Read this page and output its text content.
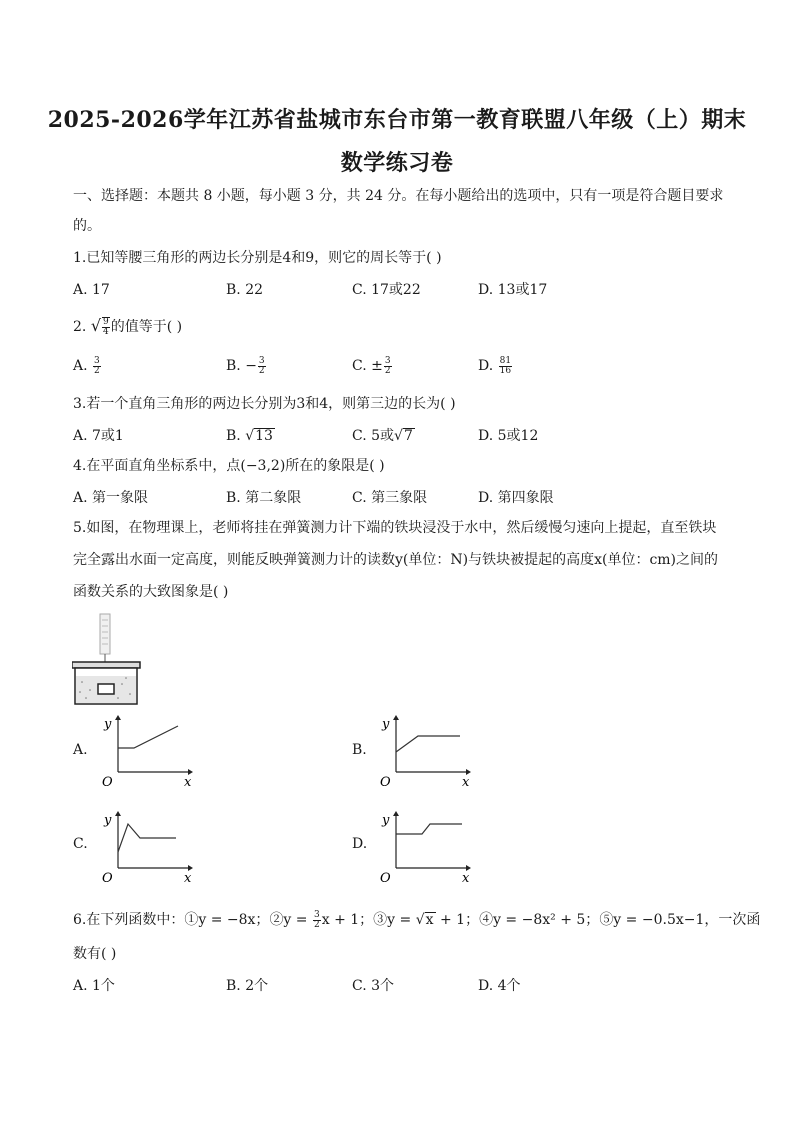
2025-2026学年江苏省盐城市东台市第一教育联盟八年级（上）期末
数学练习卷
一、选择题：本题共 8 小题，每小题 3 分，共 24 分。在每小题给出的选项中，只有一项是符合题目要求
的。
1.已知等腰三角形的两边长分别是4和9，则它的周长等于( )
A. 17	B. 22	C. 17或22	D. 13或17
2. √ $\frac{9}{4}$ 的值等于( )
A. $\frac{3}{2}$	B. − $\frac{3}{2}$	C. ± $\frac{3}{2}$	D. $\frac{81}{16}$
3.若一个直角三角形的两边长分别为3和4，则第三边的长为( )
A. 7或1	B. √13	C. 5或√7	D. 5或12
4.在平面直角坐标系中，点(−3,2)所在的象限是( )
A. 第一象限	B. 第二象限	C. 第三象限	D. 第四象限
5.如图，在物理课上，老师将挂在弹簧测力计下端的铁块浸没于水中，然后缓慢匀速向上提起，直至铁块
完全露出水面一定高度，则能反映弹簧测力计的读数y(单位：N)与铁块被提起的高度x(单位：cm)之间的
函数关系的大致图象是( )
A.
y
x
O
B.
y
x
O
C.
y
x
O
D.
y
x
O
6.在下列函数中：①y = −8x；②y = $\frac{3}{2}$ x + 1；③y = √x + 1；④y = −8x² + 5；⑤y = −0.5x−1，一次函
数有( )
A. 1个	B. 2个	C. 3个	D. 4个
